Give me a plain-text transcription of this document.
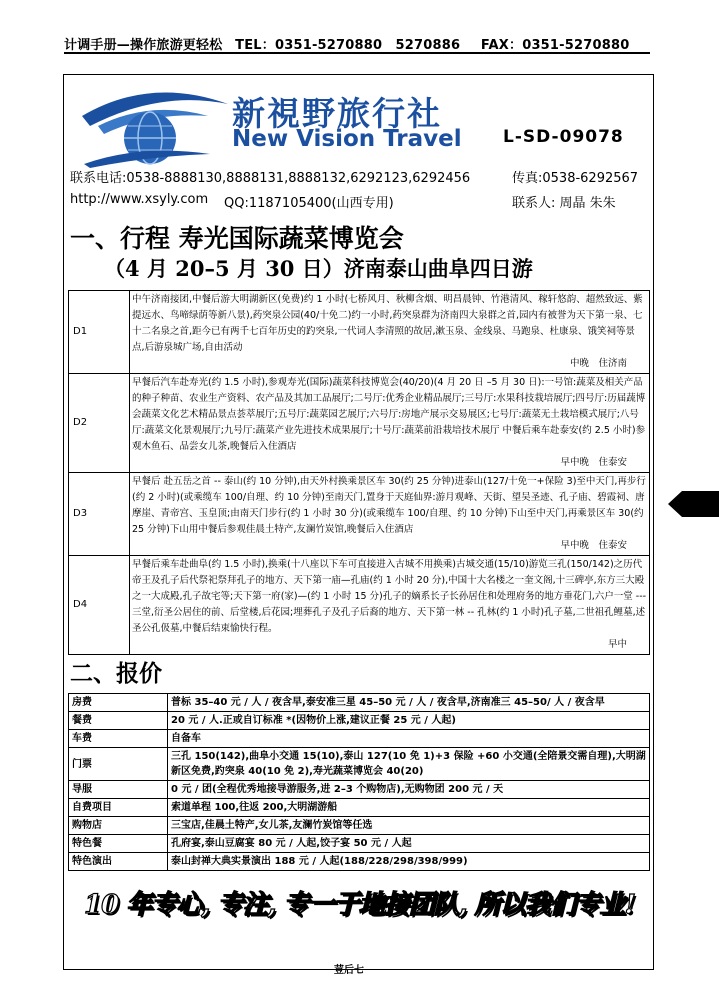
计调手册—操作旅游更轻松 TEL：0351-5270880　5270886 FAX：0351-5270880
新視野旅行社
New Vision Travel L-SD-09078
联系电话:0538-8888130,8888131,8888132,6292123,6292456	传真:0538-6292567
http://www.xsyly.com QQ:1187105400(山西专用)	联系人: 周晶 朱朱
一、行程 寿光国际蔬菜博览会
（4 月 20–5 月 30 日）济南泰山曲阜四日游
D1	中午济南接团,中餐后游大明湖新区(免费)约 1 小时(七桥风月、秋柳含烟、明昌晨钟、竹港清风、稼轩悠韵、超然致远、紫提远水、鸟啼绿荫等新八景),药突泉公园(40/十免二)约一小时,药突泉群为济南四大泉群之首,园内有被誉为天下第一泉、七十二名泉之首,距今已有两千七百年历史的趵突泉,一代词人李清照的故居,漱玉泉、金线泉、马跑泉、杜康泉、饿笑祠等景点,后游泉城广场,自由活动
中晚　住济南

D2	早餐后汽车赴寿光(约 1.5 小时),参观寿光(国际)蔬菜科技博览会(40/20)(4 月 20 日 –5 月 30 日):一号馆:蔬菜及相关产品的种子种苗、农业生产资料、农产品及其加工品展厅;二号厅:优秀企业精品展厅;三号厅:水果科技栽培展厅;四号厅:历届蔬博会蔬菜文化艺术精品景点荟萃展厅;五号厅:蔬菜园艺展厅;六号厅:房地产展示交易展区;七号厅:蔬菜无土栽培模式展厅;八号厅:蔬菜文化景观展厅;九号厅:蔬菜产业先进技术成果展厅;十号厅:蔬菜前沿栽培技术展厅 中餐后乘车赴泰安(约 2.5 小时)参观木鱼石、品尝女儿茶,晚餐后入住酒店
早中晚　住泰安

D3	早餐后 赴五岳之首 -- 泰山(约 10 分钟),由天外村换乘景区车 30(约 25 分钟)进泰山(127/十免一+保险 3)至中天门,再步行(约 2 小时)(或乘缆车 100/自理、约 10 分钟)至南天门,置身于天庭仙界:游月观峰、天街、望吴圣迹、孔子庙、碧霞祠、唐摩崖、青帝宫、玉皇顶;由南天门步行(约 1 小时 30 分)(或乘缆车 100/自理、约 10 分钟)下山至中天门,再乘景区车 30(约 25 分钟)下山用中餐后参观佳晨土特产,友澜竹炭馆,晚餐后入住酒店
早中晚　住泰安

D4	早餐后乘车赴曲阜(约 1.5 小时),换乘(十八座以下车可直接进入古城不用换乘)古城交通(15/10)游览三孔(150/142)之历代帝王及孔子后代祭祀祭拜孔子的地方、天下第一庙—孔庙(约 1 小时 20 分),中国十大名楼之一奎文阁,十三碑亭,东方三大殿之一大成殿,孔子故宅等;天下第一府(家)—(约 1 小时 15 分)孔子的嫡系长子长孙居住和处理府务的地方垂花门,六户一堂 --- 三堂,衍圣公居住的前、后堂楼,后花园;埋葬孔子及孔子后裔的地方、天下第一林 -- 孔林(约 1 小时)孔子墓,二世祖孔鲤墓,述圣公孔伋墓,中餐后结束愉快行程。
早中
二、报价
房费	普标 35–40 元 / 人 / 夜含早,泰安准三星 45–50 元 / 人 / 夜含早,济南准三 45–50/ 人 / 夜含早
餐费	20 元 / 人.正或自订标准 *(因物价上涨,建议正餐 25 元 / 人起)
车费	自备车
门票	三孔 150(142),曲阜小交通 15(10),泰山 127(10 免 1)+3 保险 +60 小交通(全陪景交需自理),大明湖新区免费,趵突泉 40(10 免 2),寿光蔬菜博览会 40(20)
导服	0 元 / 团(全程优秀地接导游服务,进 2–3 个购物店),无购物团 200 元 / 天
自费项目	索道单程 100,往返 200,大明湖游船
购物店	三宝店,佳晨土特产,女儿茶,友澜竹炭馆等任选
特色餐	孔府宴,泰山豆腐宴 80 元 / 人起,饺子宴 50 元 / 人起
特色演出	泰山封禅大典实景演出 188 元 / 人起(188/228/298/398/999)
10 年专心, 专注, 专一于地接团队, 所以我们专业!
荳后七
